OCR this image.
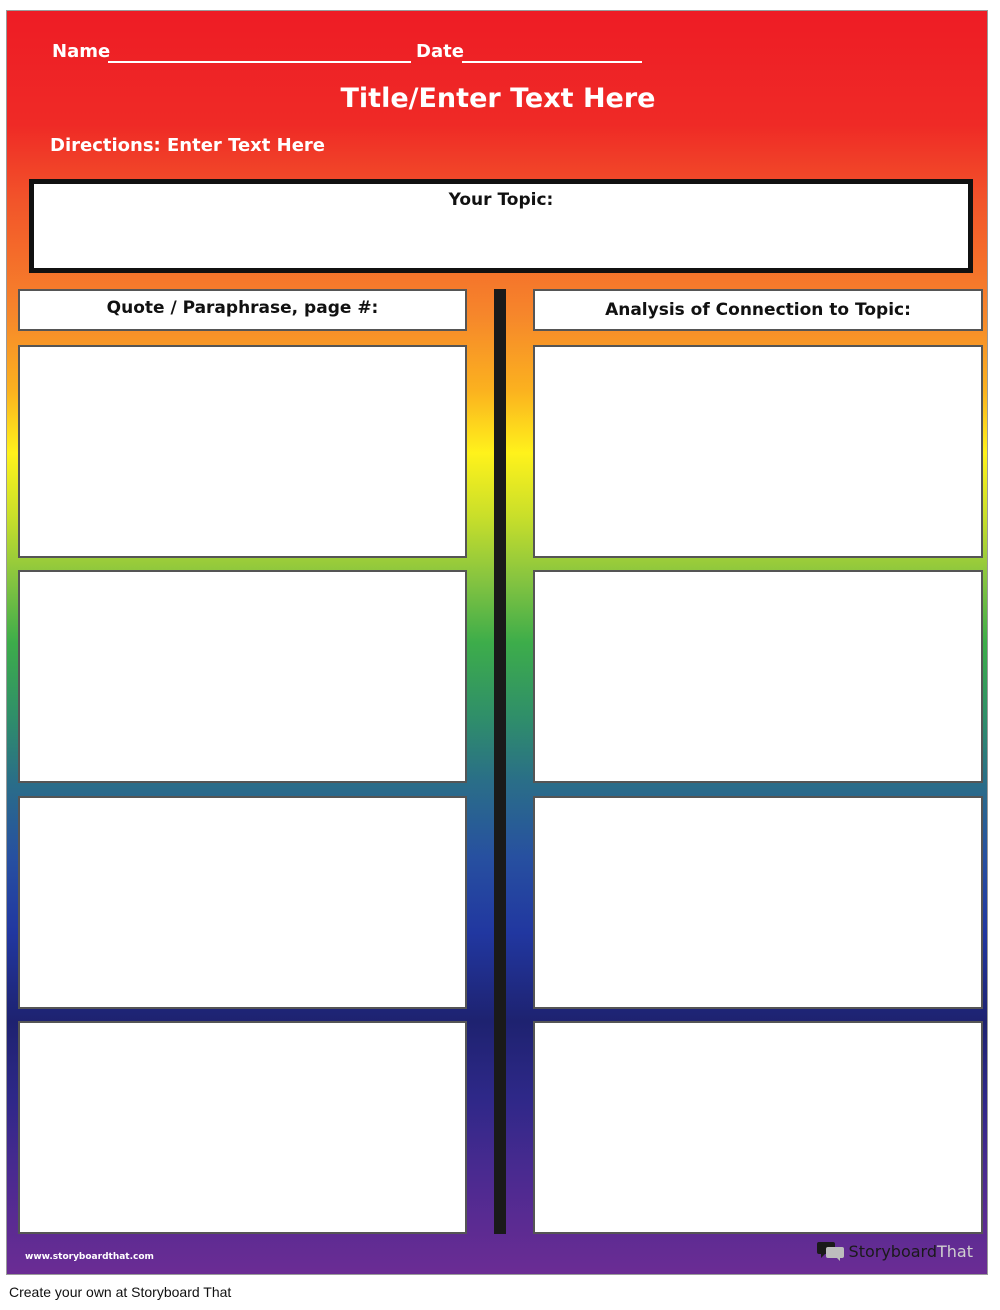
Name	Date
Title/Enter Text Here
Directions: Enter Text Here
Your Topic:
Quote / Paraphrase, page #:	Analysis of Connection to Topic:
www.storyboardthat.com	StoryboardThat
Create your own at Storyboard That
